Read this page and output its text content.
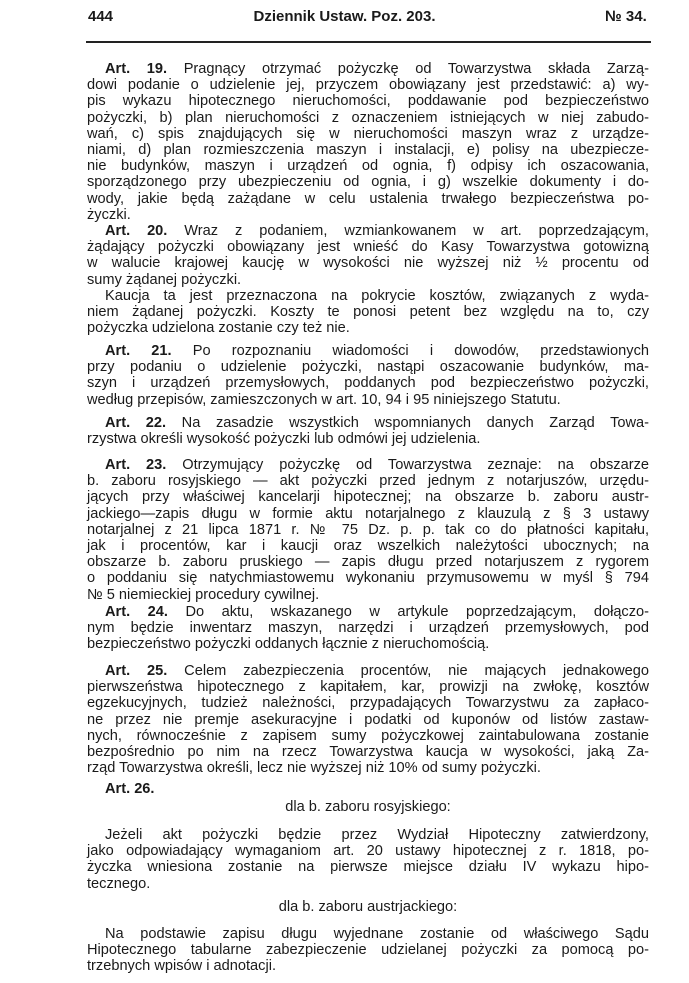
444	Dziennik Ustaw. Poz. 203.	№ 34.
Art. 19. Pragnący otrzymać pożyczkę od Towarzystwa składa Zarzą-
dowi podanie o udzielenie jej, przyczem obowiązany jest przedstawić: a) wy-
pis wykazu hipotecznego nieruchomości, poddawanie pod bezpieczeństwo
pożyczki, b) plan nieruchomości z oznaczeniem istniejących w niej zabudo-
wań, c) spis znajdujących się w nieruchomości maszyn wraz z urządze-
niami, d) plan rozmieszczenia maszyn i instalacji, e) polisy na ubezpiecze-
nie budynków, maszyn i urządzeń od ognia, f) odpisy ich oszacowania,
sporządzonego przy ubezpieczeniu od ognia, i g) wszelkie dokumenty i do-
wody, jakie będą zażądane w celu ustalenia trwałego bezpieczeństwa po-
życzki.
Art. 20. Wraz z podaniem, wzmiankowanem w art. poprzedzającym,
żądający pożyczki obowiązany jest wnieść do Kasy Towarzystwa gotowizną
w walucie krajowej kaucję w wysokości nie wyższej niż ½ procentu od
sumy żądanej pożyczki.
Kaucja ta jest przeznaczona na pokrycie kosztów, związanych z wyda-
niem żądanej pożyczki. Koszty te ponosi petent bez względu na to, czy
pożyczka udzielona zostanie czy też nie.
Art. 21. Po rozpoznaniu wiadomości i dowodów, przedstawionych
przy podaniu o udzielenie pożyczki, nastąpi oszacowanie budynków, ma-
szyn i urządzeń przemysłowych, poddanych pod bezpieczeństwo pożyczki,
według przepisów, zamieszczonych w art. 10, 94 i 95 niniejszego Statutu.
Art. 22. Na zasadzie wszystkich wspomnianych danych Zarząd Towa-
rzystwa określi wysokość pożyczki lub odmówi jej udzielenia.
Art. 23. Otrzymujący pożyczkę od Towarzystwa zeznaje: na obszarze
b. zaboru rosyjskiego — akt pożyczki przed jednym z notarjuszów, urzędu-
jących przy właściwej kancelarji hipotecznej; na obszarze b. zaboru austr-
jackiego—zapis długu w formie aktu notarjalnego z klauzulą z § 3 ustawy
notarjalnej z 21 lipca 1871 r. № 75 Dz. p. p. tak co do płatności kapitału,
jak i procentów, kar i kaucji oraz wszelkich należytości ubocznych; na
obszarze b. zaboru pruskiego — zapis długu przed notarjuszem z rygorem
o poddaniu się natychmiastowemu wykonaniu przymusowemu w myśl § 794
№ 5 niemieckiej procedury cywilnej.
Art. 24. Do aktu, wskazanego w artykule poprzedzającym, dołączo-
nym będzie inwentarz maszyn, narzędzi i urządzeń przemysłowych, pod
bezpieczeństwo pożyczki oddanych łącznie z nieruchomością.
Art. 25. Celem zabezpieczenia procentów, nie mających jednakowego
pierwszeństwa hipotecznego z kapitałem, kar, prowizji na zwłokę, kosztów
egzekucyjnych, tudzież należności, przypadających Towarzystwu za zapłaco-
ne przez nie premje asekuracyjne i podatki od kuponów od listów zastaw-
nych, równocześnie z zapisem sumy pożyczkowej zaintabulowana zostanie
bezpośrednio po nim na rzecz Towarzystwa kaucja w wysokości, jaką Za-
rząd Towarzystwa określi, lecz nie wyższej niż 10% od sumy pożyczki.
Art. 26.
dla b. zaboru rosyjskiego:
Jeżeli akt pożyczki będzie przez Wydział Hipoteczny zatwierdzony,
jako odpowiadający wymaganiom art. 20 ustawy hipotecznej z r. 1818, po-
życzka wniesiona zostanie na pierwsze miejsce działu IV wykazu hipo-
tecznego.
dla b. zaboru austrjackiego:
Na podstawie zapisu długu wyjednane zostanie od właściwego Sądu
Hipotecznego tabularne zabezpieczenie udzielanej pożyczki za pomocą po-
trzebnych wpisów i adnotacji.
